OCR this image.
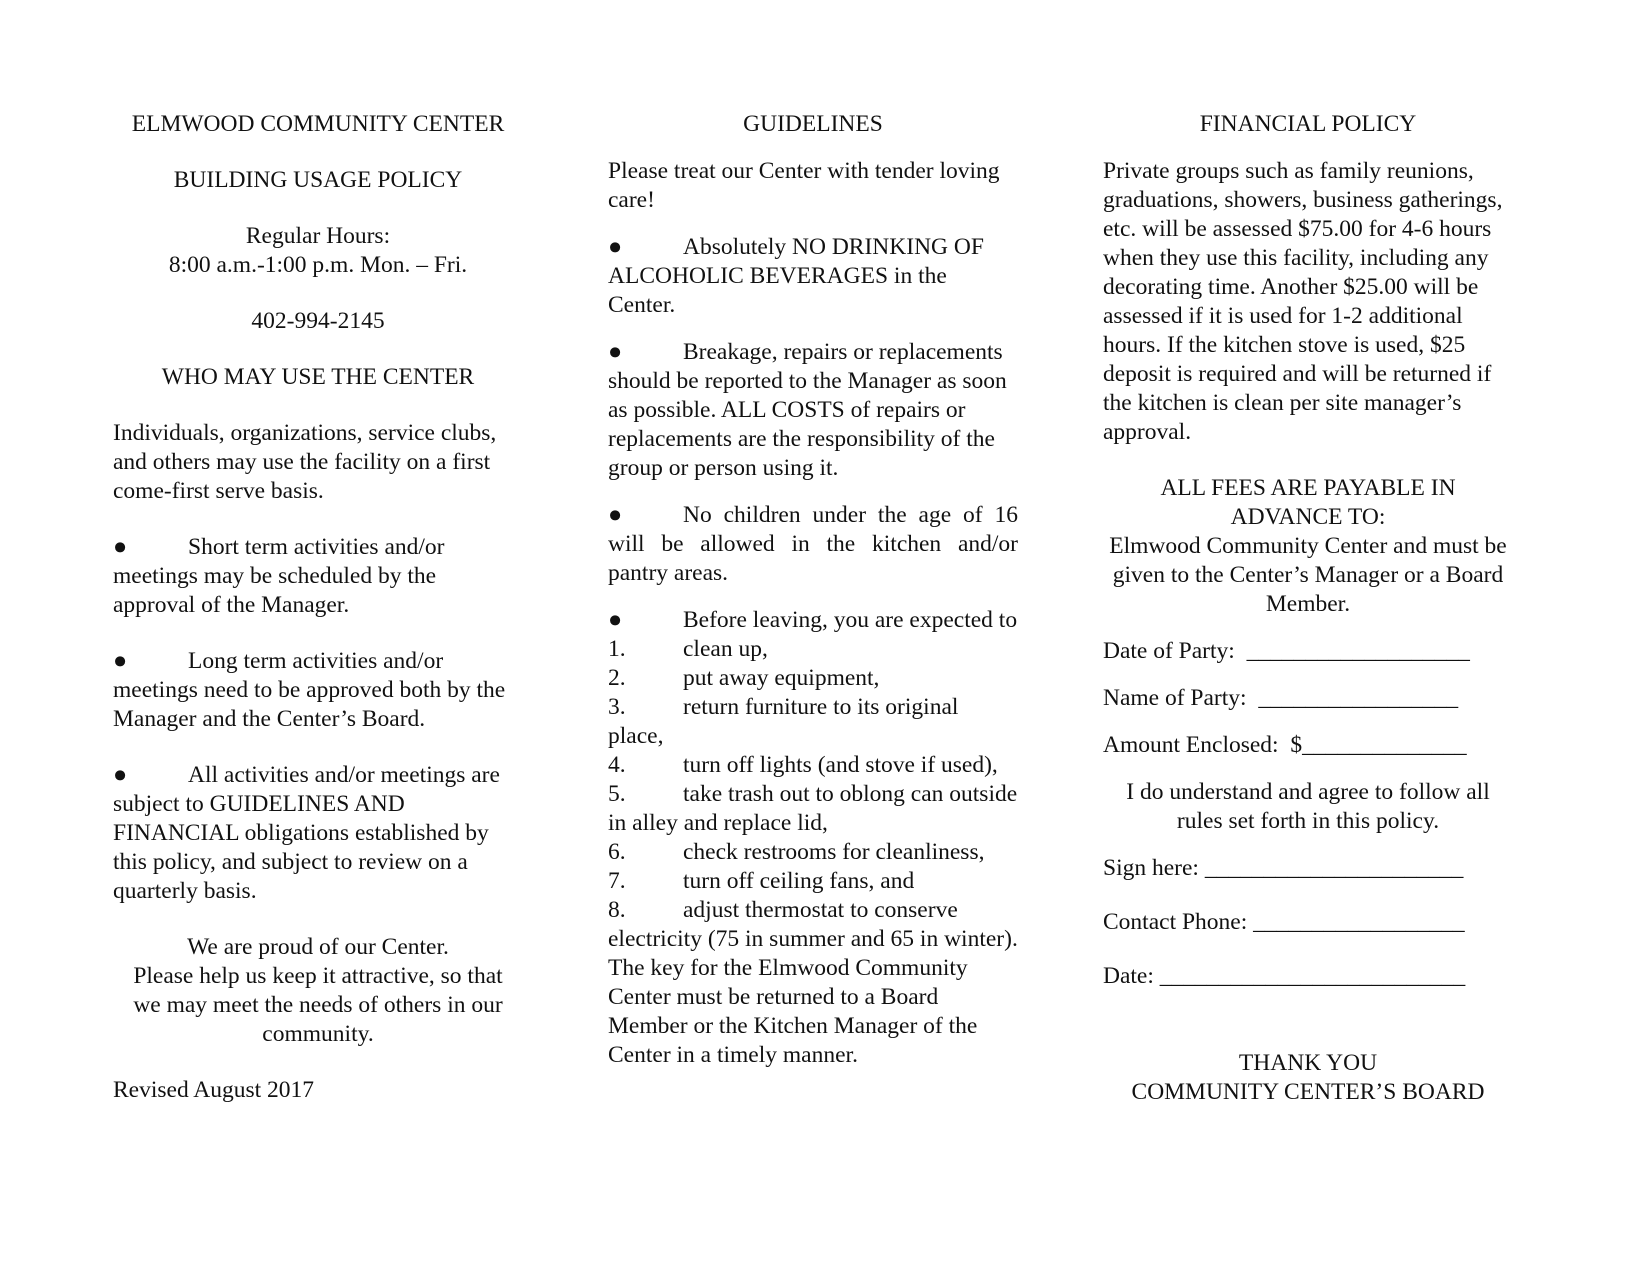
ELMWOOD COMMUNITY CENTER

BUILDING USAGE POLICY

Regular Hours:

8:00 a.m.-1:00 p.m. Mon. – Fri.

402-994-2145

WHO MAY USE THE CENTER

Individuals, organizations, service clubs, and others may use the facility on a first come-first serve basis.

●	Short term activities and/or meetings may be scheduled by the approval of the Manager.

●	Long term activities and/or meetings need to be approved both by the Manager and the Center’s Board.

●	All activities and/or meetings are subject to GUIDELINES AND FINANCIAL obligations established by this policy, and subject to review on a quarterly basis.

We are proud of our Center.
Please help us keep it attractive, so that
we may meet the needs of others in our
community.

Revised August 2017

GUIDELINES

Please treat our Center with tender loving care!

●	Absolutely NO DRINKING OF ALCOHOLIC BEVERAGES in the Center.

●	Breakage, repairs or replacements should be reported to the Manager as soon as possible. ALL COSTS of repairs or replacements are the responsibility of the group or person using it.

●	No children under the age of 16 will be allowed in the kitchen and/or pantry areas.

●	Before leaving, you are expected to

1. clean up,

2. put away equipment,

3. return furniture to its original place,

4. turn off lights (and stove if used),

5. take trash out to oblong can outside in alley and replace lid,

6. check restrooms for cleanliness,

7. turn off ceiling fans, and

8. adjust thermostat to conserve electricity (75 in summer and 65 in winter).

The key for the Elmwood Community Center must be returned to a Board Member or the Kitchen Manager of the Center in a timely manner.

FINANCIAL POLICY

Private groups such as family reunions, graduations, showers, business gatherings, etc. will be assessed $75.00 for 4-6 hours when they use this facility, including any decorating time. Another $25.00 will be assessed if it is used for 1-2 additional hours. If the kitchen stove is used, $25 deposit is required and will be returned if the kitchen is clean per site manager’s approval.

ALL FEES ARE PAYABLE IN
ADVANCE TO:
Elmwood Community Center and must be given to the Center’s Manager or a Board Member.

Date of Party:  ___________________

Name of Party:  _________________

Amount Enclosed:  $______________

I do understand and agree to follow all rules set forth in this policy.

Sign here: ______________________

Contact Phone: __________________

Date: __________________________

THANK YOU

COMMUNITY CENTER’S BOARD
